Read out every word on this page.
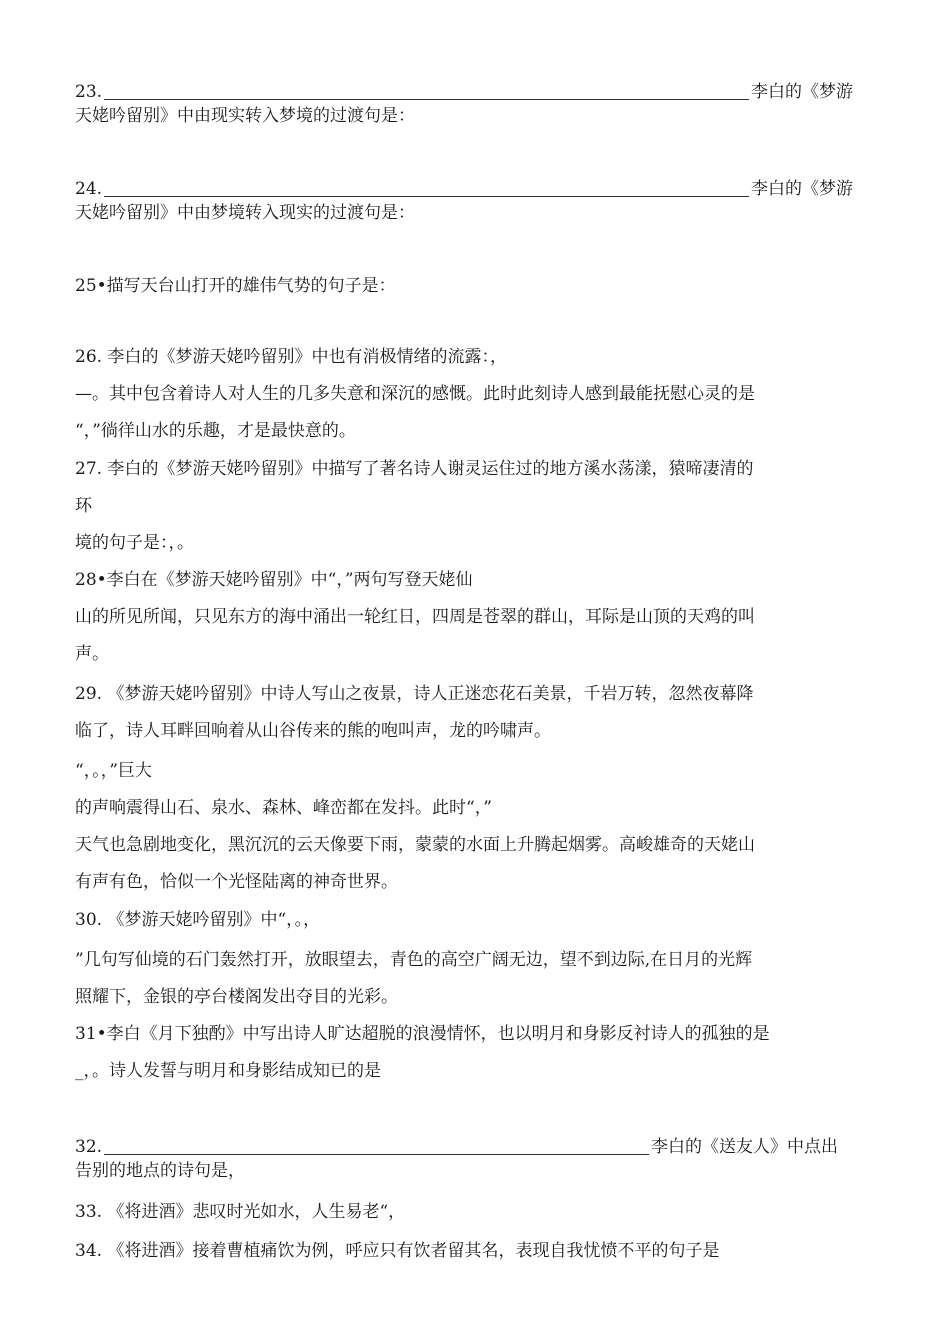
23.	李白的《梦游
天姥吟留别》中由现实转入梦境的过渡句是：
24.	李白的《梦游
天姥吟留别》中由梦境转入现实的过渡句是：
25•描写天台山打开的雄伟气势的句子是：
26. 李白的《梦游天姥吟留别》中也有消极情绪的流露：，
—。其中包含着诗人对人生的几多失意和深沉的感慨。此时此刻诗人感到最能抚慰心灵的是
“，”徜徉山水的乐趣，才是最快意的。
27. 李白的《梦游天姥吟留别》中描写了著名诗人谢灵运住过的地方溪水荡漾，猿啼凄清的
环
境的句子是：，。
28•李白在《梦游天姥吟留别》中“，”两句写登天姥仙
山的所见所闻，只见东方的海中涌出一轮红日，四周是苍翠的群山，耳际是山顶的天鸡的叫
声。
29. 《梦游天姥吟留别》中诗人写山之夜景，诗人正迷恋花石美景，千岩万转，忽然夜幕降
临了，诗人耳畔回响着从山谷传来的熊的咆叫声，龙的吟啸声。
“，。，”巨大
的声响震得山石、泉水、森林、峰峦都在发抖。此时“，”
天气也急剧地变化，黑沉沉的云天像要下雨，蒙蒙的水面上升腾起烟雾。高峻雄奇的天姥山
有声有色，恰似一个光怪陆离的神奇世界。
30. 《梦游天姥吟留别》中“，。，
”几句写仙境的石门轰然打开，放眼望去，青色的高空广阔无边，望不到边际,在日月的光辉
照耀下，金银的亭台楼阁发出夺目的光彩。
31•李白《月下独酌》中写出诗人旷达超脱的浪漫情怀，也以明月和身影反衬诗人的孤独的是
_，。诗人发誓与明月和身影结成知已的是
32.	李白的《送友人》中点出
告别的地点的诗句是，
33. 《将进酒》悲叹时光如水，人生易老“，
34. 《将进酒》接着曹植痛饮为例，呼应只有饮者留其名，表现自我忧愤不平的句子是
